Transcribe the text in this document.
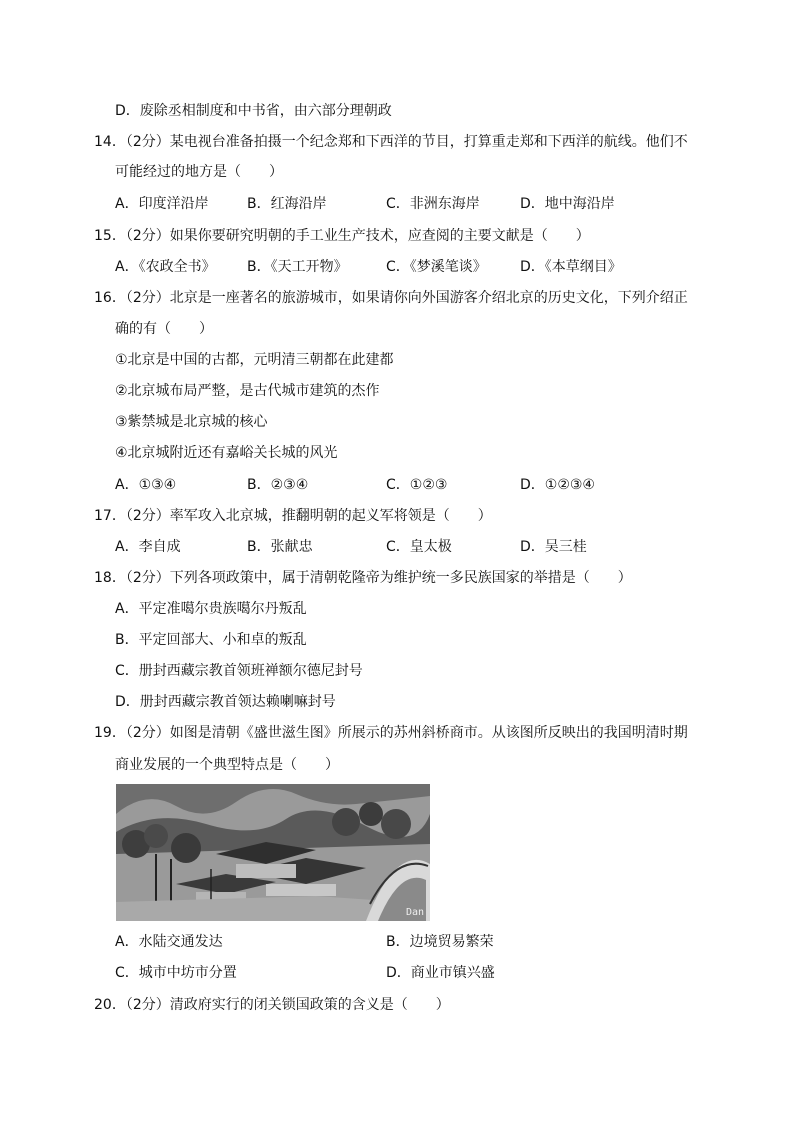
D．废除丞相制度和中书省，由六部分理朝政
14．（2分）某电视台准备拍摄一个纪念郑和下西洋的节目，打算重走郑和下西洋的航线。他们不
可能经过的地方是（　　）
A．印度洋沿岸	B．红海沿岸	C．非洲东海岸	D．地中海沿岸
15．（2分）如果你要研究明朝的手工业生产技术，应查阅的主要文献是（　　）
A．《农政全书》 B．《天工开物》	C．《梦溪笔谈》 D．《本草纲目》
16．（2分）北京是一座著名的旅游城市，如果请你向外国游客介绍北京的历史文化，下列介绍正
确的有（　　）
①北京是中国的古都，元明清三朝都在此建都
②北京城布局严整，是古代城市建筑的杰作
③紫禁城是北京城的核心
④北京城附近还有嘉峪关长城的风光
A．①③④	B．②③④	C．①②③	D．①②③④
17．（2分）率军攻入北京城，推翻明朝的起义军将领是（　　）
A．李自成	B．张献忠	C．皇太极	D．吴三桂
18．（2分）下列各项政策中，属于清朝乾隆帝为维护统一多民族国家的举措是（　　）
A．平定准噶尔贵族噶尔丹叛乱
B．平定回部大、小和卓的叛乱
C．册封西藏宗教首领班禅额尔德尼封号
D．册封西藏宗教首领达赖喇嘛封号
19．（2分）如图是清朝《盛世滋生图》所展示的苏州斜桥商市。从该图所反映出的我国明清时期
商业发展的一个典型特点是（　　）
Dan
A．水陆交通发达	B．边境贸易繁荣
C．城市中坊市分置	D．商业市镇兴盛
20．（2分）清政府实行的闭关锁国政策的含义是（　　）
